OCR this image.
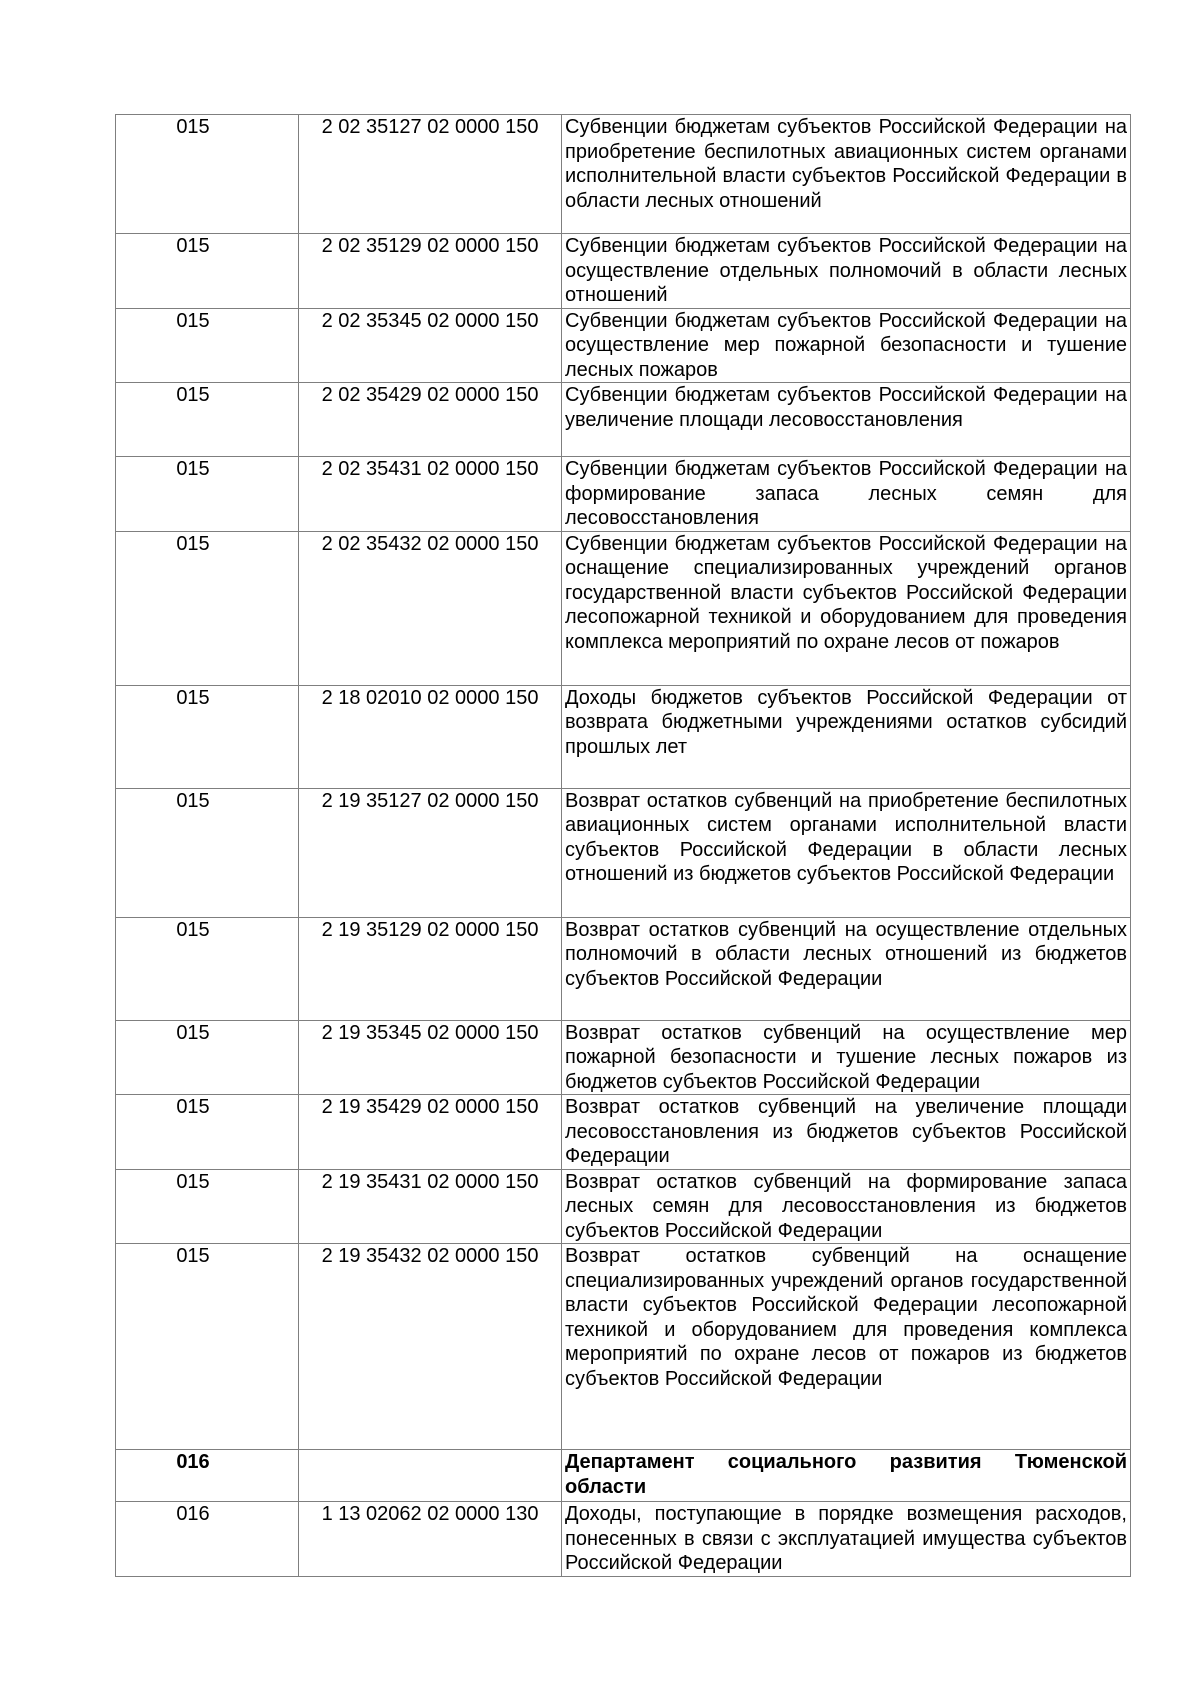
015	2 02 35127 02 0000 150	Субвенции бюджетам субъектов Российской Федерации на приобретение беспилотных авиационных систем органами исполнительной власти субъектов Российской Федерации в области лесных отношений
015	2 02 35129 02 0000 150	Субвенции бюджетам субъектов Российской Федерации на осуществление отдельных полномочий в области лесных отношений
015	2 02 35345 02 0000 150	Субвенции бюджетам субъектов Российской Федерации на осуществление мер пожарной безопасности и тушение лесных пожаров
015	2 02 35429 02 0000 150	Субвенции бюджетам субъектов Российской Федерации на увеличение площади лесовосстановления
015	2 02 35431 02 0000 150	Субвенции бюджетам субъектов Российской Федерации на формирование запаса лесных семян для лесовосстановления
015	2 02 35432 02 0000 150	Субвенции бюджетам субъектов Российской Федерации на оснащение специализированных учреждений органов государственной власти субъектов Российской Федерации лесопожарной техникой и оборудованием для проведения комплекса мероприятий по охране лесов от пожаров
015	2 18 02010 02 0000 150	Доходы бюджетов субъектов Российской Федерации от возврата бюджетными учреждениями остатков субсидий прошлых лет
015	2 19 35127 02 0000 150	Возврат остатков субвенций на приобретение беспилотных авиационных систем органами исполнительной власти субъектов Российской Федерации в области лесных отношений из бюджетов субъектов Российской Федерации
015	2 19 35129 02 0000 150	Возврат остатков субвенций на осуществление отдельных полномочий в области лесных отношений из бюджетов субъектов Российской Федерации
015	2 19 35345 02 0000 150	Возврат остатков субвенций на осуществление мер пожарной безопасности и тушение лесных пожаров из бюджетов субъектов Российской Федерации
015	2 19 35429 02 0000 150	Возврат остатков субвенций на увеличение площади лесовосстановления из бюджетов субъектов Российской Федерации
015	2 19 35431 02 0000 150	Возврат остатков субвенций на формирование запаса лесных семян для лесовосстановления из бюджетов субъектов Российской Федерации
015	2 19 35432 02 0000 150	Возврат остатков субвенций на оснащение специализированных учреждений органов государственной власти субъектов Российской Федерации лесопожарной техникой и оборудованием для проведения комплекса мероприятий по охране лесов от пожаров из бюджетов субъектов Российской Федерации
016		Департамент социального развития Тюменской области
016	1 13 02062 02 0000 130	Доходы, поступающие в порядке возмещения расходов, понесенных в связи с эксплуатацией имущества субъектов Российской Федерации
